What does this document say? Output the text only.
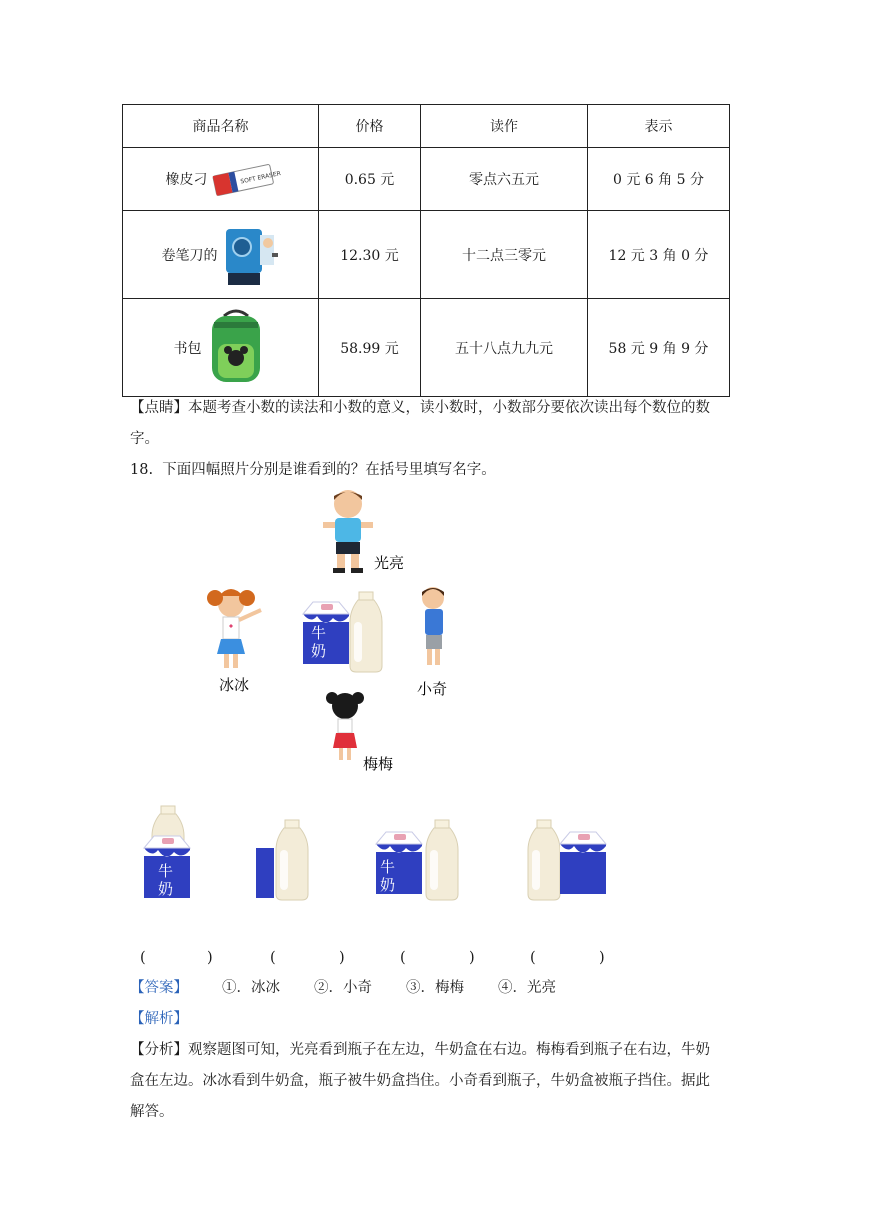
商品名称	价格	读作	表示

橡皮刁 SOFT ERASER	0.65 元	零点六五元	0 元 6 角 5 分

卷笔刀的	12.30 元	十二点三零元	12 元 3 角 0 分

书包	58.99 元	五十八点九九元	58 元 9 角 9 分
【点睛】本题考查小数的读法和小数的意义，读小数时，小数部分要依次读出每个数位的数
字。
18. 下面四幅照片分别是谁看到的？在括号里填写名字。
光亮
冰冰
牛
奶
小奇
梅梅
牛
奶
牛
奶
(	)	(	)	(	)	(	)
【答案】 ①．冰冰 ②．小奇 ③．梅梅 ④．光亮
【解析】
【分析】观察题图可知，光亮看到瓶子在左边，牛奶盒在右边。梅梅看到瓶子在右边，牛奶
盒在左边。冰冰看到牛奶盒，瓶子被牛奶盒挡住。小奇看到瓶子，牛奶盒被瓶子挡住。据此
解答。
